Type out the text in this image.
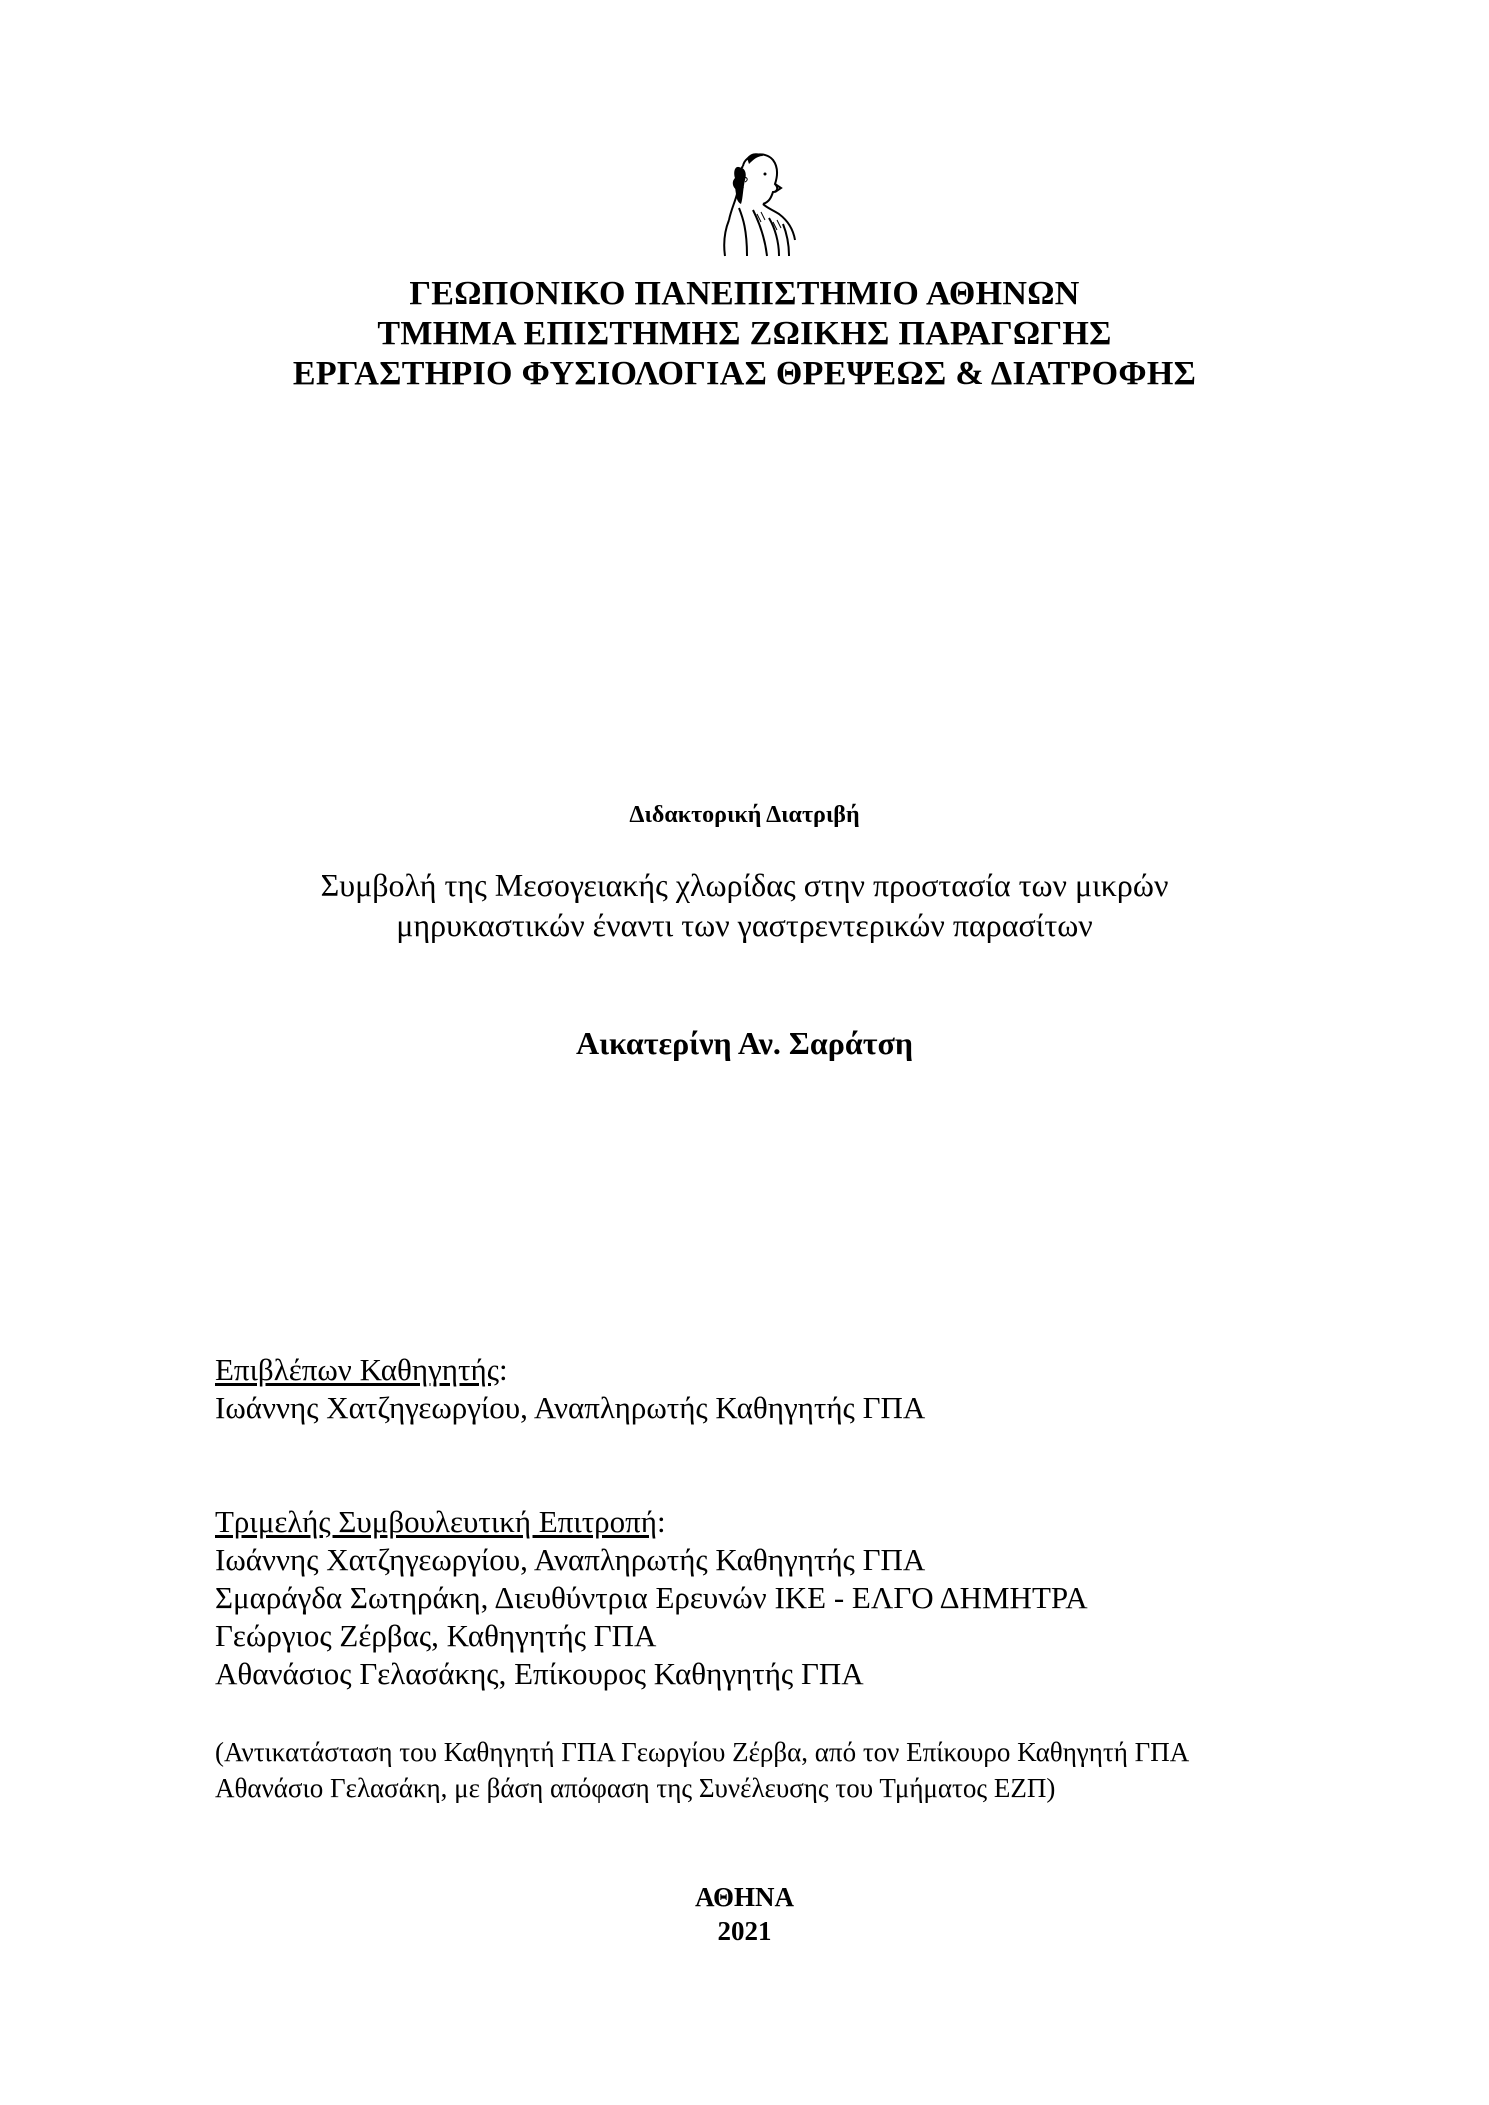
ΓΕΩΠΟΝΙΚΟ ΠΑΝΕΠΙΣΤΗΜΙΟ ΑΘΗΝΩΝ
ΤΜΗΜΑ ΕΠΙΣΤΗΜΗΣ ΖΩΙΚΗΣ ΠΑΡΑΓΩΓΗΣ
ΕΡΓΑΣΤΗΡΙΟ ΦΥΣΙΟΛΟΓΙΑΣ ΘΡΕΨΕΩΣ & ΔΙΑΤΡΟΦΗΣ
Διδακτορική Διατριβή
Συμβολή της Μεσογειακής χλωρίδας στην προστασία των μικρών
μηρυκαστικών έναντι των γαστρεντερικών παρασίτων
Αικατερίνη Αν. Σαράτση
Επιβλέπων Καθηγητής:
Ιωάννης Χατζηγεωργίου, Αναπληρωτής Καθηγητής ΓΠΑ
Τριμελής Συμβουλευτική Επιτροπή:
Ιωάννης Χατζηγεωργίου, Αναπληρωτής Καθηγητής ΓΠΑ
Σμαράγδα Σωτηράκη, Διευθύντρια Ερευνών ΙΚΕ - ΕΛΓΟ ΔΗΜΗΤΡΑ
Γεώργιος Ζέρβας, Καθηγητής ΓΠΑ
Αθανάσιος Γελασάκης, Επίκουρος Καθηγητής ΓΠΑ
(Αντικατάσταση του Καθηγητή ΓΠΑ Γεωργίου Ζέρβα, από τον Επίκουρο Καθηγητή ΓΠΑ
Αθανάσιο Γελασάκη, με βάση απόφαση της Συνέλευσης του Τμήματος ΕΖΠ)
ΑΘΗΝΑ
2021
